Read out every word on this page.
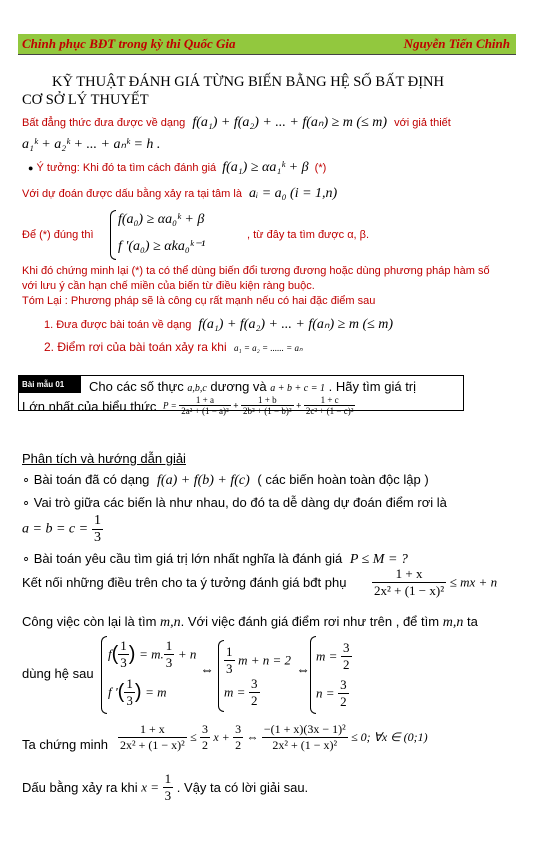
Chinh phục BĐT trong kỳ thi Quốc Gia	Nguyễn Tiến Chinh
KỸ THUẬT ĐÁNH GIÁ TỪNG BIẾN BẰNG HỆ SỐ BẤT ĐỊNH
CƠ SỞ LÝ THUYẾT
Bất đẳng thức đưa được về dạng f(a₁) + f(a₂) + ... + f(aₙ) ≥ m (≤ m) với giả thiết
a₁ᵏ + a₂ᵏ + ... + aₙᵏ = h .
● Ý tưởng: Khi đó ta tìm cách đánh giá f(a₁) ≥ αa₁ᵏ + β (*)
Với dự đoán được dấu bằng xảy ra tại tâm là aᵢ = a₀ (i = 1,n)
Để (*) đúng thì
f(a₀) ≥ αa₀ᵏ + β
f '(a₀) ≥ αka₀ᵏ⁻¹
, từ đây ta tìm được α, β.
Khi đó chứng minh lại (*) ta có thể dùng biến đổi tương đương hoặc dùng phương pháp hàm số với lưu ý cần hạn chế miền của biến từ điều kiện ràng buộc.
Tóm Lại : Phương pháp sẽ là công cụ rất mạnh nếu có hai đặc điểm sau
1. Đưa được bài toán về dạng f(a₁) + f(a₂) + ... + f(aₙ) ≥ m (≤ m)
2. Điểm rơi của bài toán xảy ra khi a₁ = a₂ = ...... = aₙ
Bài mẫu 01	Cho các số thực a,b,c dương và a + b + c = 1 . Hãy tìm giá trị
Lớn nhất của biểu thức $P = \frac{1 + a}{\text{2a² + (1 − a)²}} + \frac{1 + b}{\text{2b² + (1 − b)²}} + \frac{1 + c}{\text{2c² + (1 − c)²}}$
Phân tích và hướng dẫn giải
∘ Bài toán đã có dạng f(a) + f(b) + f(c) ( các biến hoàn toàn độc lập )
∘ Vai trò giữa các biến là như nhau, do đó ta dễ dàng dự đoán điểm rơi là
$a = b = c = \frac{1}{3}$
∘ Bài toán yêu cầu tìm giá trị lớn nhất nghĩa là đánh giá P ≤ M = ?
Kết nối những điều trên cho ta ý tưởng đánh giá bđt phụ $\frac{1 + x}{\text{2x² + (1 − x)²}}$ ≤ mx + n
Công việc còn lại là tìm m,n. Với việc đánh giá điểm rơi như trên , để tìm m,n ta
dùng hệ sau
$f( \frac{1}{3}$ ) = m. $\frac{1}{3} + n$
f '( $\frac{1}{3}$ ) = m
⇔ $\frac{1}{3}$ m + n = 2
$m = \frac{3}{2}$
⇔
$m = \frac{3}{2}$
$n = \frac{3}{2}$
Ta chứng minh $\frac{1 + x}{\text{2x² + (1 − x)²}} \le \frac{3}{2}$ $x + \frac{3}{2}$ ⇔ $\frac{\text{−(1 + x)(3x − 1)²}}{\text{2x² + (1 − x)²}} \le 0$; ∀x ∈ (0;1)
Dấu bằng xảy ra khi $x = \frac{1}{3}$ . Vậy ta có lời giải sau.
